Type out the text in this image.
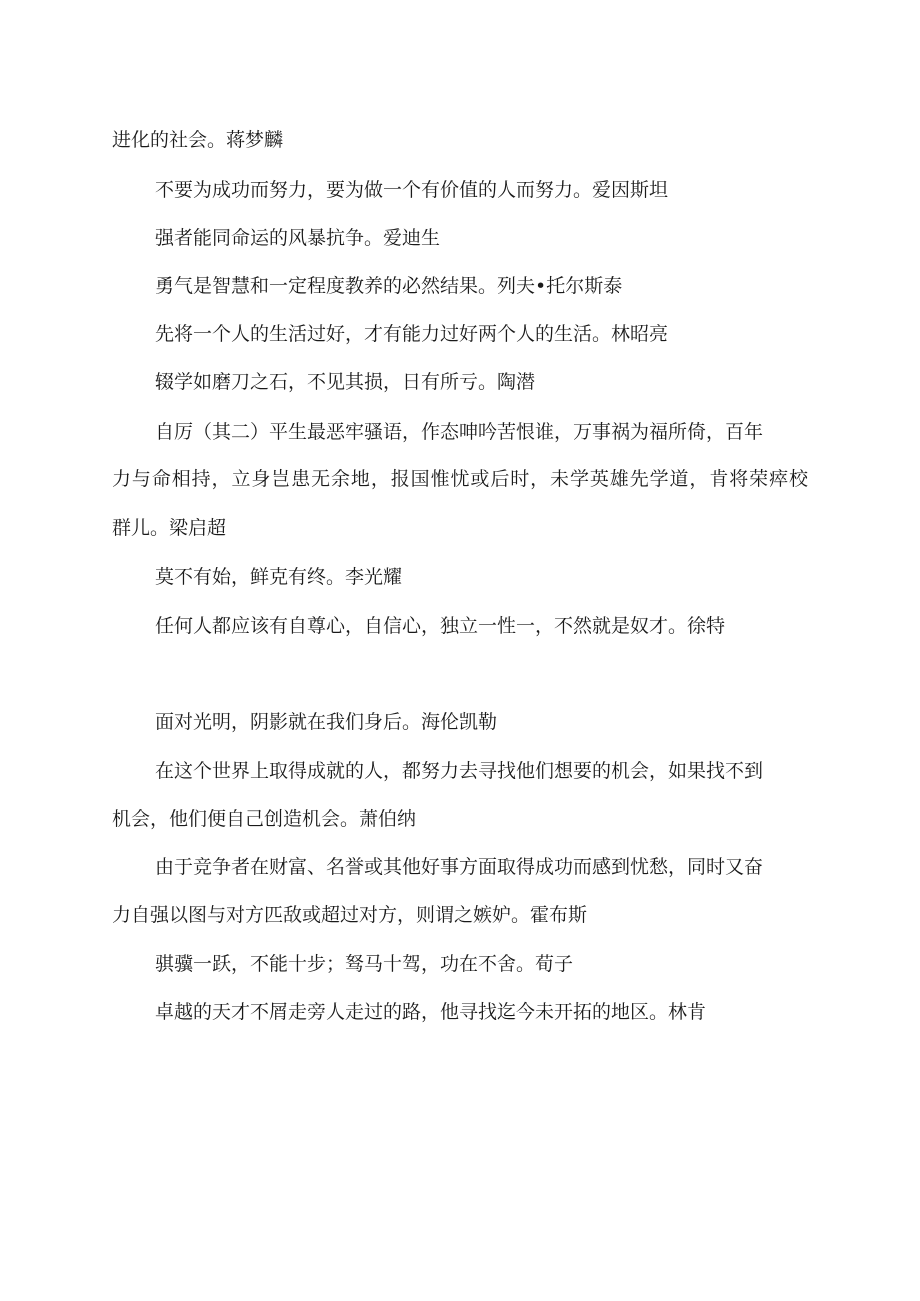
进化的社会。蒋梦麟
不要为成功而努力，要为做一个有价值的人而努力。爱因斯坦
强者能同命运的风暴抗争。爱迪生
勇气是智慧和一定程度教养的必然结果。列夫•托尔斯泰
先将一个人的生活过好，才有能力过好两个人的生活。林昭亮
辍学如磨刀之石，不见其损，日有所亏。陶潜
自厉（其二）平生最恶牢骚语，作态呻吟苦恨谁，万事祸为福所倚，百年
力与命相持，立身岂患无余地，报国惟忧或后时，未学英雄先学道，肯将荣瘁校
群儿。梁启超
莫不有始，鲜克有终。李光耀
任何人都应该有自尊心，自信心，独立一性一，不然就是奴才。徐特
面对光明，阴影就在我们身后。海伦凯勒
在这个世界上取得成就的人，都努力去寻找他们想要的机会，如果找不到
机会，他们便自己创造机会。萧伯纳
由于竞争者在财富、名誉或其他好事方面取得成功而感到忧愁，同时又奋
力自强以图与对方匹敌或超过对方，则谓之嫉妒。霍布斯
骐骥一跃，不能十步；驽马十驾，功在不舍。荀子
卓越的天才不屑走旁人走过的路，他寻找迄今未开拓的地区。林肯
